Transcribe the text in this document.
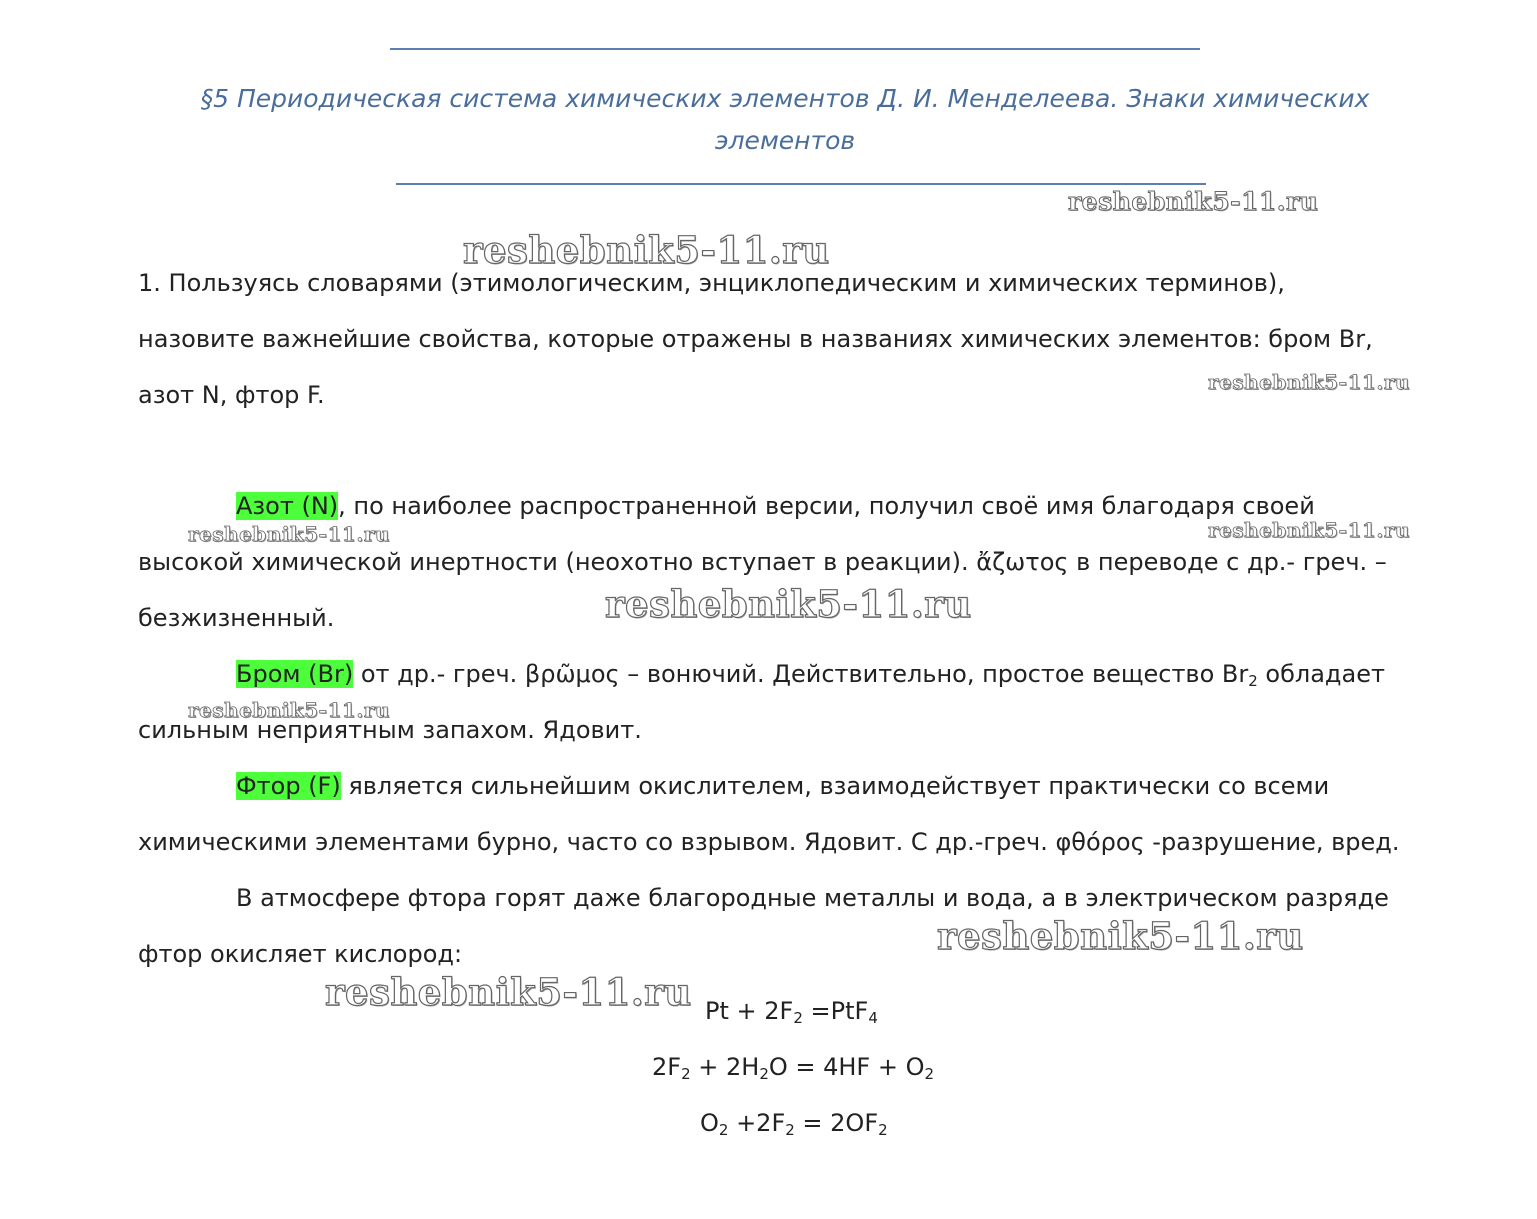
§5 Периодическая система химических элементов Д. И. Менделеева. Знаки химических
элементов
1. Пользуясь словарями (этимологическим, энциклопедическим и химических терминов),
назовите важнейшие свойства, которые отражены в названиях химических элементов: бром Br,
азот N, фтор F.
Азот (N), по наиболее распространенной версии, получил своё имя благодаря своей
высокой химической инертности (неохотно вступает в реакции). ἄζωτος в переводе с др.- греч. –
безжизненный.
Бром (Br) от др.- греч. βρῶμος – вонючий. Действительно, простое вещество $Br_2$ обладает
сильным неприятным запахом. Ядовит.
Фтор (F) является сильнейшим окислителем, взаимодействует практически со всеми
химическими элементами бурно, часто со взрывом. Ядовит. С др.-греч. φθόρος -разрушение, вред.
В атмосфере фтора горят даже благородные металлы и вода, а в электрическом разряде
фтор окисляет кислород:
$Pt + 2F_2 =PtF_4$
$2F_2 + 2H_2O = 4HF + O_2$
$O_2 +2F_2 = 2OF_2$
reshebnik5-11.ru
reshebnik5-11.ru
reshebnik5-11.ru
reshebnik5-11.ru	reshebnik5-11.ru
reshebnik5-11.ru
reshebnik5-11.ru
reshebnik5-11.ru
reshebnik5-11.ru
